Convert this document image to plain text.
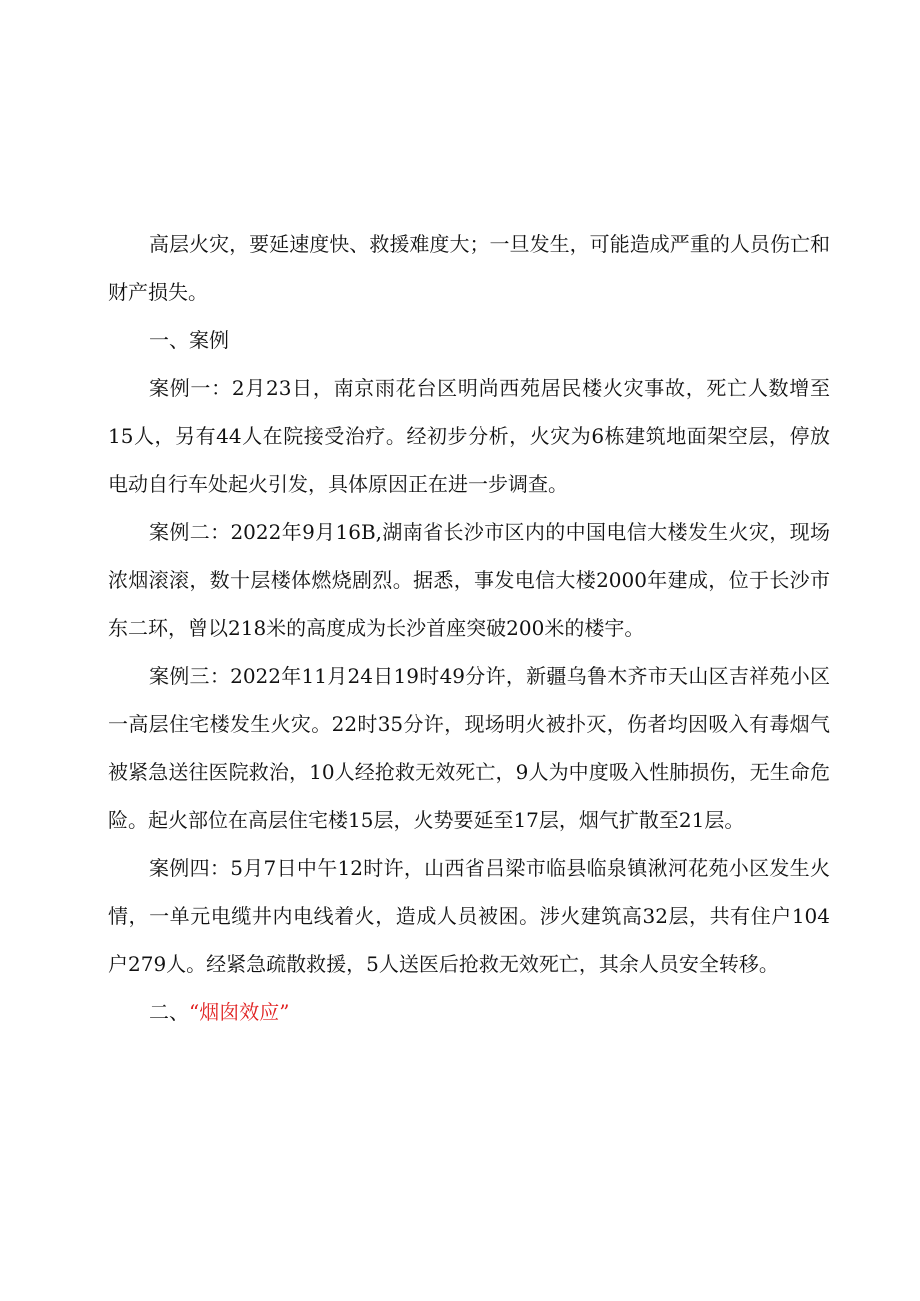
高层火灾，要延速度快、救援难度大；一旦发生，可能造成严重的人员伤亡和财产损失。

一、案例

案例一：2月23日，南京雨花台区明尚西苑居民楼火灾事故，死亡人数增至15人，另有44人在院接受治疗。经初步分析，火灾为6栋建筑地面架空层，停放电动自行车处起火引发，具体原因正在进一步调查。

案例二：2022年9月16B,湖南省长沙市区内的中国电信大楼发生火灾，现场浓烟滚滚，数十层楼体燃烧剧烈。据悉，事发电信大楼2000年建成，位于长沙市东二环，曾以218米的高度成为长沙首座突破200米的楼宇。

案例三：2022年11月24日19时49分许，新疆乌鲁木齐市天山区吉祥苑小区一高层住宅楼发生火灾。22时35分许，现场明火被扑灭，伤者均因吸入有毒烟气被紧急送往医院救治，10人经抢救无效死亡，9人为中度吸入性肺损伤，无生命危险。起火部位在高层住宅楼15层，火势要延至17层，烟气扩散至21层。

案例四：5月7日中午12时许，山西省吕梁市临县临泉镇湫河花苑小区发生火情，一单元电缆井内电线着火，造成人员被困。涉火建筑高32层，共有住户104户279人。经紧急疏散救援，5人送医后抢救无效死亡，其余人员安全转移。

二、“烟囱效应”
